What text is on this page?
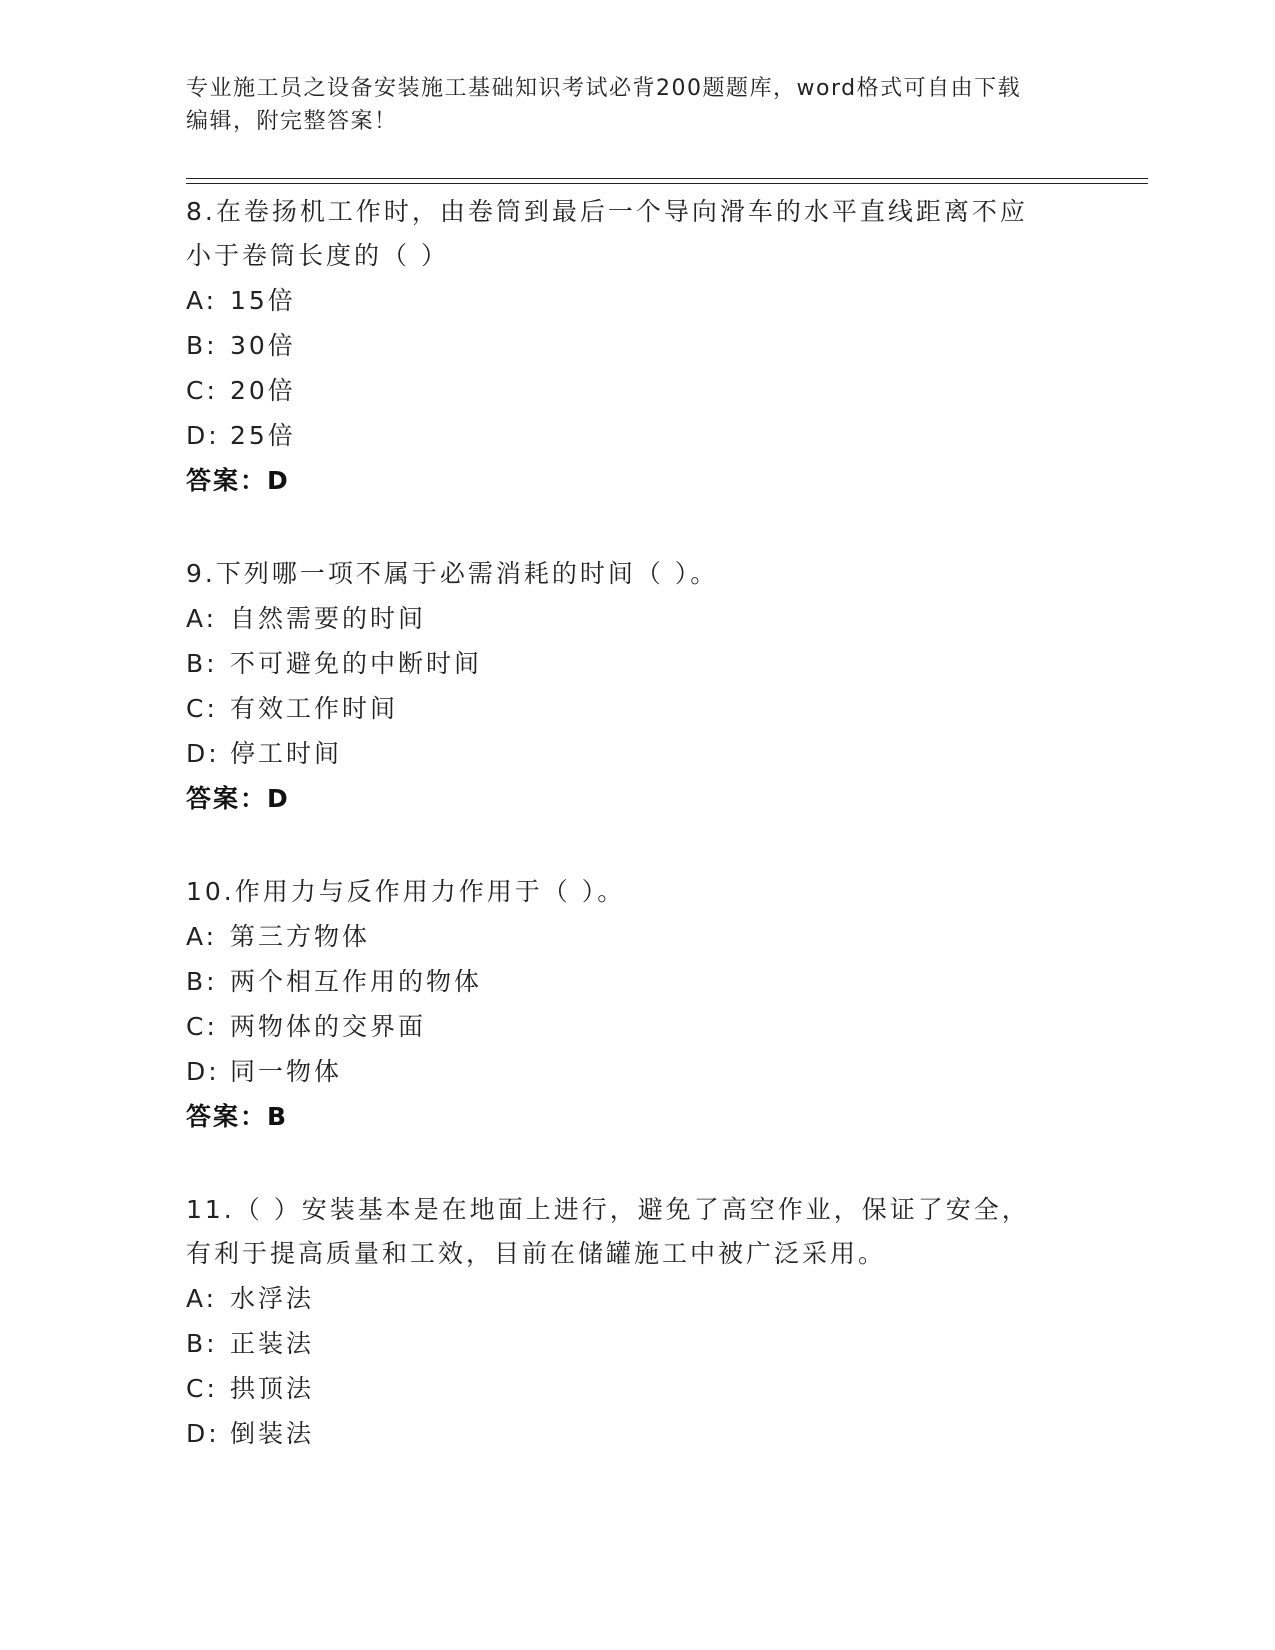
专业施工员之设备安装施工基础知识考试必背200题题库，word格式可自由下载
编辑，附完整答案！
8.在卷扬机工作时，由卷筒到最后一个导向滑车的水平直线距离不应
小于卷筒长度的（ ）
A: 15倍
B: 30倍
C: 20倍
D: 25倍
答案：D
9.下列哪一项不属于必需消耗的时间（ ）。
A: 自然需要的时间
B: 不可避免的中断时间
C: 有效工作时间
D: 停工时间
答案：D
10.作用力与反作用力作用于（ ）。
A: 第三方物体
B: 两个相互作用的物体
C: 两物体的交界面
D: 同一物体
答案：B
11.（ ）安装基本是在地面上进行，避免了高空作业，保证了安全，
有利于提高质量和工效，目前在储罐施工中被广泛采用。
A: 水浮法
B: 正装法
C: 拱顶法
D: 倒装法
